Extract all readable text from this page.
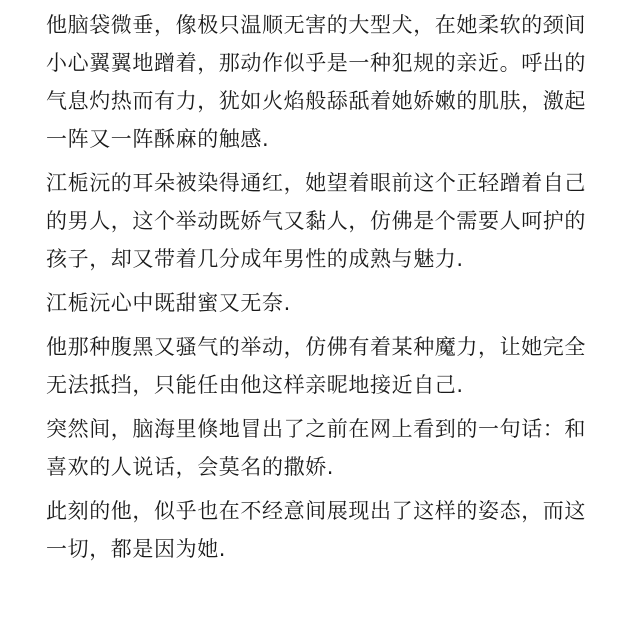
他脑袋微垂，像极只温顺无害的大型犬，在她柔软的颈间小心翼翼地蹭着，那动作似乎是一种犯规的亲近。呼出的气息灼热而有力，犹如火焰般舔舐着她娇嫩的肌肤，激起一阵又一阵酥麻的触感.

江栀沅的耳朵被染得通红，她望着眼前这个正轻蹭着自己的男人，这个举动既娇气又黏人，仿佛是个需要人呵护的孩子，却又带着几分成年男性的成熟与魅力.

江栀沅心中既甜蜜又无奈.

他那种腹黑又骚气的举动，仿佛有着某种魔力，让她完全无法抵挡，只能任由他这样亲昵地接近自己.

突然间，脑海里倏地冒出了之前在网上看到的一句话：和喜欢的人说话，会莫名的撒娇.

此刻的他，似乎也在不经意间展现出了这样的姿态，而这一切，都是因为她.
